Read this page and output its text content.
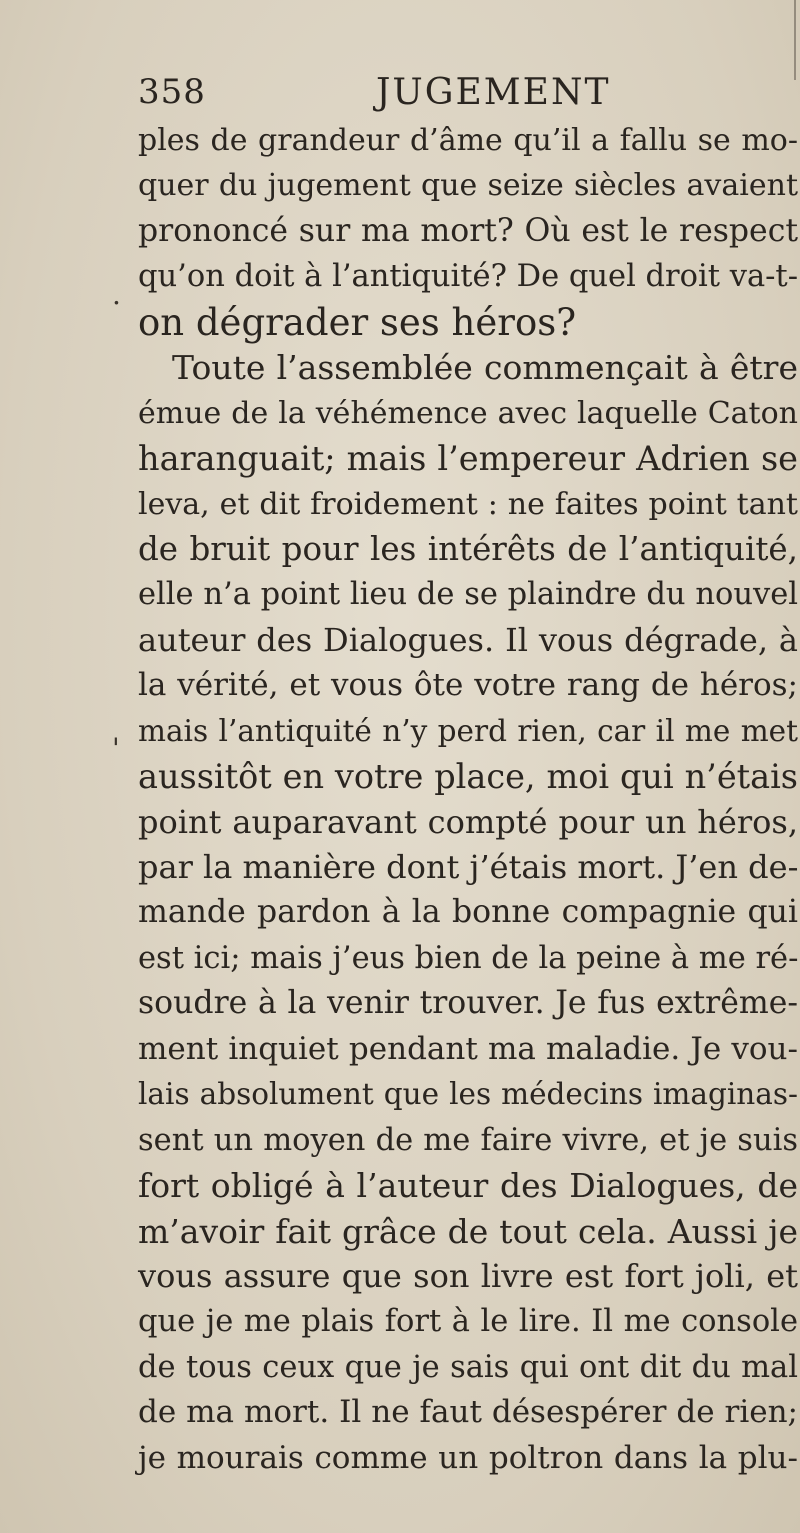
358	JUGEMENT
.
'
ples de grandeur d’âme qu’il a fallu se mo-
quer du jugement que seize siècles avaient
prononcé sur ma mort? Où est le respect
qu’on doit à l’antiquité? De quel droit va-t-
on dégrader ses héros?
Toute l’assemblée commençait à être
émue de la véhémence avec laquelle Caton
haranguait; mais l’empereur Adrien se
leva, et dit froidement : ne faites point tant
de bruit pour les intérêts de l’antiquité,
elle n’a point lieu de se plaindre du nouvel
auteur des Dialogues. Il vous dégrade, à
la vérité, et vous ôte votre rang de héros;
mais l’antiquité n’y perd rien, car il me met
aussitôt en votre place, moi qui n’étais
point auparavant compté pour un héros,
par la manière dont j’étais mort. J’en de-
mande pardon à la bonne compagnie qui
est ici; mais j’eus bien de la peine à me ré-
soudre à la venir trouver. Je fus extrême-
ment inquiet pendant ma maladie. Je vou-
lais absolument que les médecins imaginas-
sent un moyen de me faire vivre, et je suis
fort obligé à l’auteur des Dialogues, de
m’avoir fait grâce de tout cela. Aussi je
vous assure que son livre est fort joli, et
que je me plais fort à le lire. Il me console
de tous ceux que je sais qui ont dit du mal
de ma mort. Il ne faut désespérer de rien;
je mourais comme un poltron dans la plu-
